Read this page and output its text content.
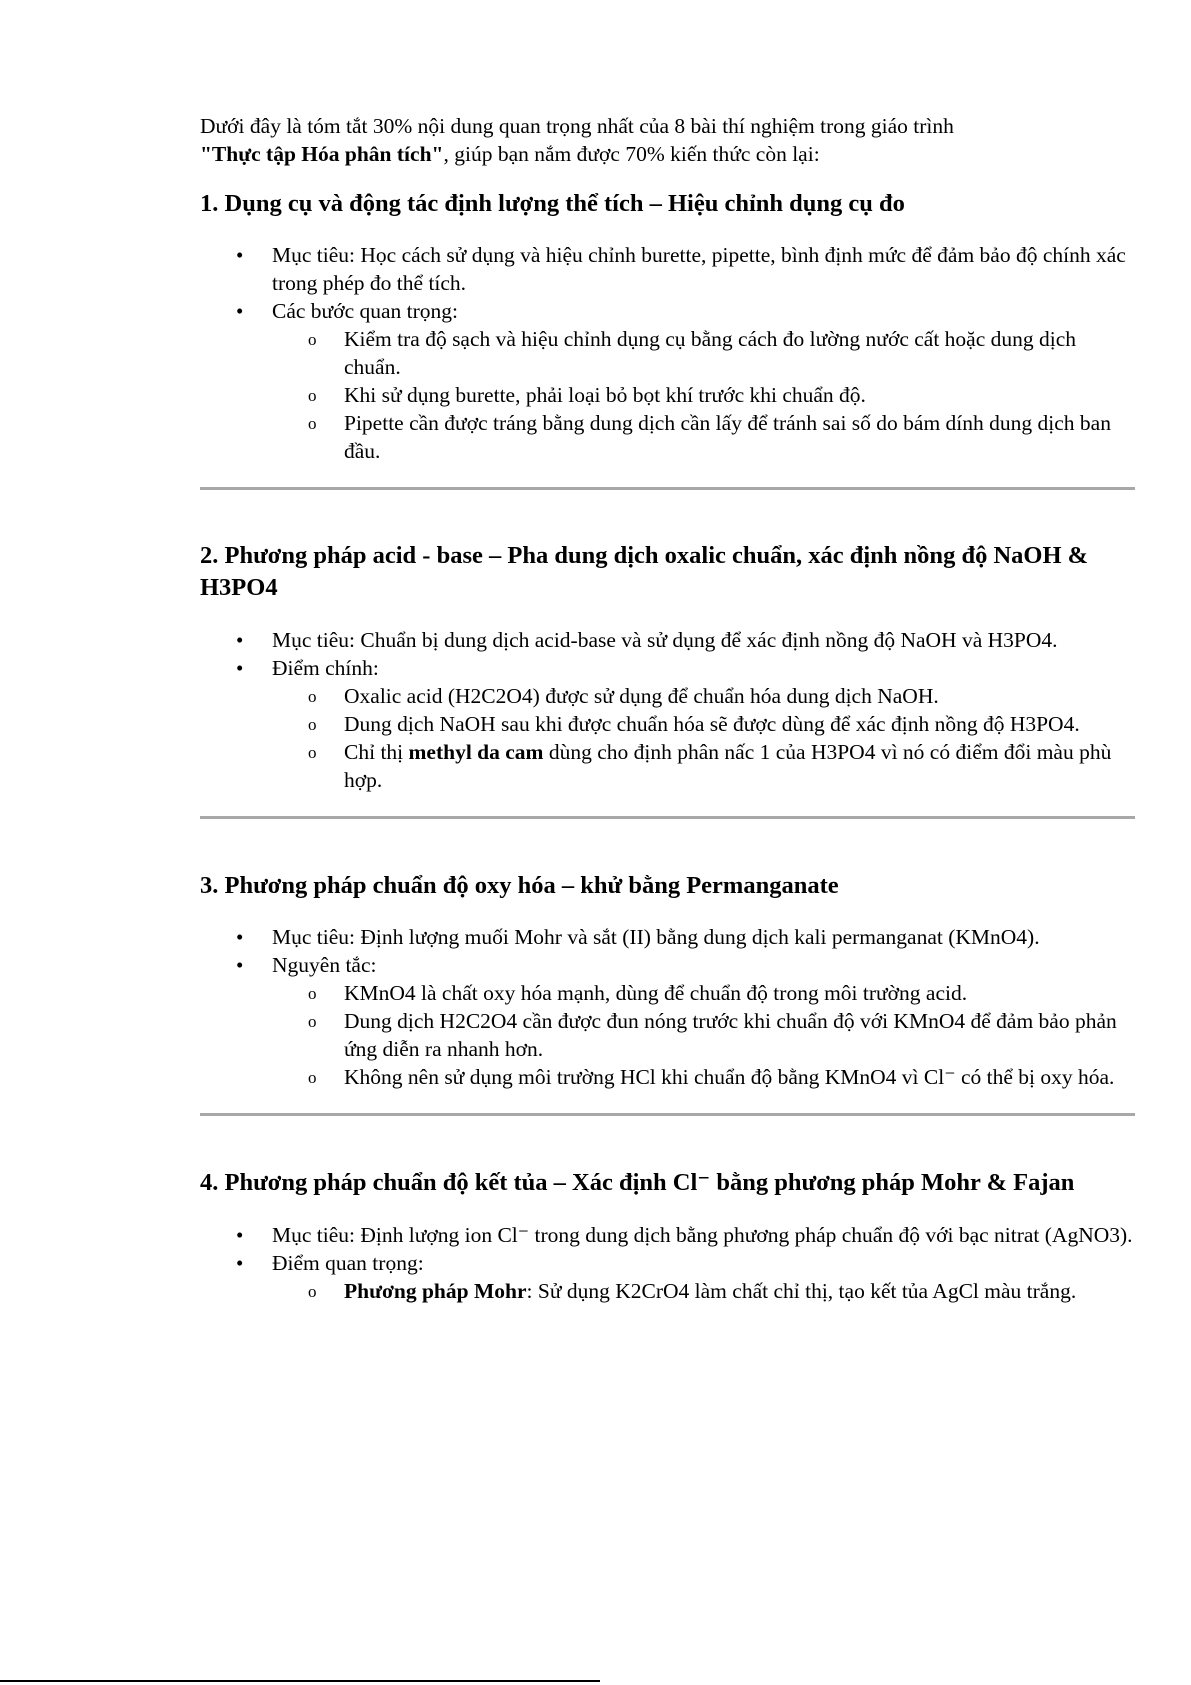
Dưới đây là tóm tắt 30% nội dung quan trọng nhất của 8 bài thí nghiệm trong giáo trình
"Thực tập Hóa phân tích", giúp bạn nắm được 70% kiến thức còn lại:

1. Dụng cụ và động tác định lượng thể tích – Hiệu chỉnh dụng cụ đo
• Mục tiêu: Học cách sử dụng và hiệu chỉnh burette, pipette, bình định mức để đảm bảo độ chính xác trong phép đo thể tích.
• Các bước quan trọng:
o Kiểm tra độ sạch và hiệu chỉnh dụng cụ bằng cách đo lường nước cất hoặc dung dịch chuẩn.
o Khi sử dụng burette, phải loại bỏ bọt khí trước khi chuẩn độ.
o Pipette cần được tráng bằng dung dịch cần lấy để tránh sai số do bám dính dung dịch ban đầu.
2. Phương pháp acid - base – Pha dung dịch oxalic chuẩn, xác định nồng độ NaOH & H3PO4
• Mục tiêu: Chuẩn bị dung dịch acid-base và sử dụng để xác định nồng độ NaOH và H3PO4.
• Điểm chính:
o Oxalic acid (H2C2O4) được sử dụng để chuẩn hóa dung dịch NaOH.
o Dung dịch NaOH sau khi được chuẩn hóa sẽ được dùng để xác định nồng độ H3PO4.
o Chỉ thị methyl da cam dùng cho định phân nấc 1 của H3PO4 vì nó có điểm đổi màu phù hợp.
3. Phương pháp chuẩn độ oxy hóa – khử bằng Permanganate
• Mục tiêu: Định lượng muối Mohr và sắt (II) bằng dung dịch kali permanganat (KMnO4).
• Nguyên tắc:
o KMnO4 là chất oxy hóa mạnh, dùng để chuẩn độ trong môi trường acid.
o Dung dịch H2C2O4 cần được đun nóng trước khi chuẩn độ với KMnO4 để đảm bảo phản ứng diễn ra nhanh hơn.
o Không nên sử dụng môi trường HCl khi chuẩn độ bằng KMnO4 vì Cl⁻ có thể bị oxy hóa.
4. Phương pháp chuẩn độ kết tủa – Xác định Cl⁻ bằng phương pháp Mohr & Fajan
• Mục tiêu: Định lượng ion Cl⁻ trong dung dịch bằng phương pháp chuẩn độ với bạc nitrat (AgNO3).
• Điểm quan trọng:
o Phương pháp Mohr: Sử dụng K2CrO4 làm chất chỉ thị, tạo kết tủa AgCl màu trắng.
